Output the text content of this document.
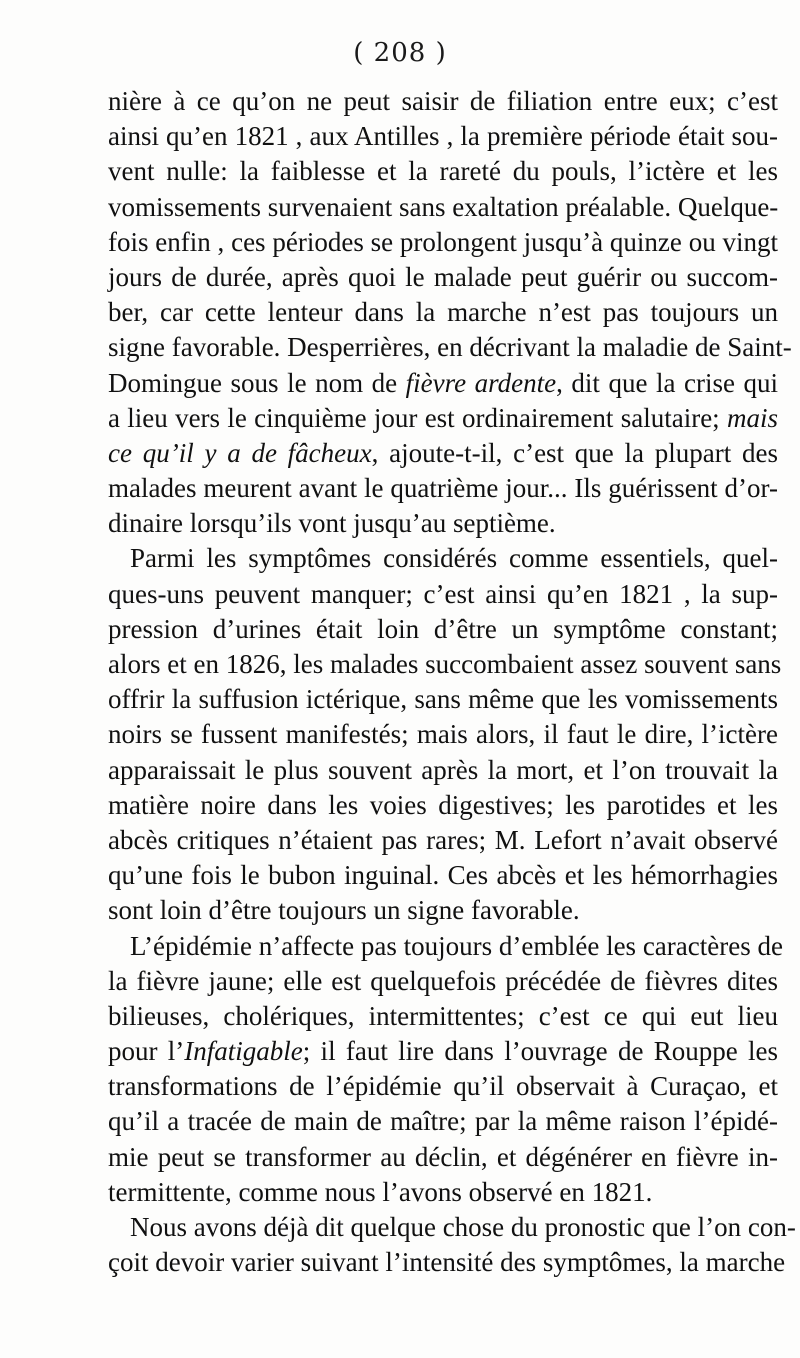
( 208 )
nière à ce qu’on ne peut saisir de filiation entre eux; c’est
ainsi qu’en 1821 , aux Antilles , la première période était sou-
vent nulle: la faiblesse et la rareté du pouls, l’ictère et les
vomissements survenaient sans exaltation préalable. Quelque-
fois enfin , ces périodes se prolongent jusqu’à quinze ou vingt
jours de durée, après quoi le malade peut guérir ou succom-
ber, car cette lenteur dans la marche n’est pas toujours un
signe favorable. Desperrières, en décrivant la maladie de Saint-
Domingue sous le nom de fièvre ardente, dit que la crise qui
a lieu vers le cinquième jour est ordinairement salutaire; mais
ce qu’il y a de fâcheux, ajoute-t-il, c’est que la plupart des
malades meurent avant le quatrième jour... Ils guérissent d’or-
dinaire lorsqu’ils vont jusqu’au septième.
Parmi les symptômes considérés comme essentiels, quel-
ques-uns peuvent manquer; c’est ainsi qu’en 1821 , la sup-
pression d’urines était loin d’être un symptôme constant;
alors et en 1826, les malades succombaient assez souvent sans
offrir la suffusion ictérique, sans même que les vomissements
noirs se fussent manifestés; mais alors, il faut le dire, l’ictère
apparaissait le plus souvent après la mort, et l’on trouvait la
matière noire dans les voies digestives; les parotides et les
abcès critiques n’étaient pas rares; M. Lefort n’avait observé
qu’une fois le bubon inguinal. Ces abcès et les hémorrhagies
sont loin d’être toujours un signe favorable.
L’épidémie n’affecte pas toujours d’emblée les caractères de
la fièvre jaune; elle est quelquefois précédée de fièvres dites
bilieuses, cholériques, intermittentes; c’est ce qui eut lieu
pour l’Infatigable; il faut lire dans l’ouvrage de Rouppe les
transformations de l’épidémie qu’il observait à Curaçao, et
qu’il a tracée de main de maître; par la même raison l’épidé-
mie peut se transformer au déclin, et dégénérer en fièvre in-
termittente, comme nous l’avons observé en 1821.
Nous avons déjà dit quelque chose du pronostic que l’on con-
çoit devoir varier suivant l’intensité des symptômes, la marche
